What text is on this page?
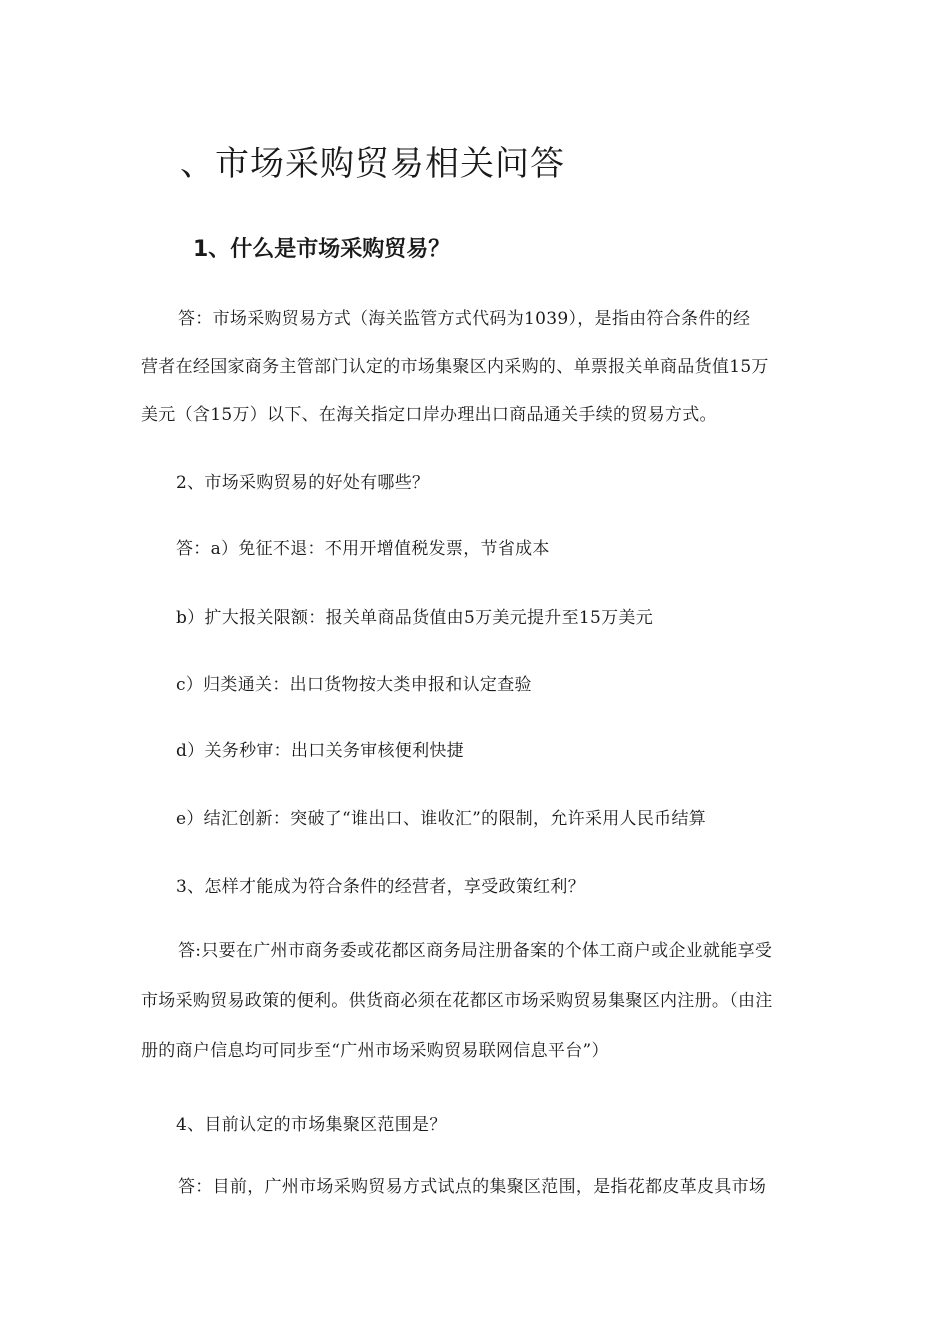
、市场采购贸易相关问答
1、什么是市场采购贸易？

答：市场采购贸易方式（海关监管方式代码为1039），是指由符合条件的经

营者在经国家商务主管部门认定的市场集聚区内采购的、单票报关单商品货值15万

美元（含15万）以下、在海关指定口岸办理出口商品通关手续的贸易方式。

2、市场采购贸易的好处有哪些？

答：a）免征不退：不用开增值税发票，节省成本

b）扩大报关限额：报关单商品货值由5万美元提升至15万美元

c）归类通关：出口货物按大类申报和认定查验

d）关务秒审：出口关务审核便利快捷

e）结汇创新：突破了“谁出口、谁收汇”的限制，允许采用人民币结算

3、怎样才能成为符合条件的经营者，享受政策红利？

答:只要在广州市商务委或花都区商务局注册备案的个体工商户或企业就能享受

市场采购贸易政策的便利。供货商必须在花都区市场采购贸易集聚区内注册。（由注

册的商户信息均可同步至“广州市场采购贸易联网信息平台”）

4、目前认定的市场集聚区范围是？

答：目前，广州市场采购贸易方式试点的集聚区范围，是指花都皮革皮具市场
